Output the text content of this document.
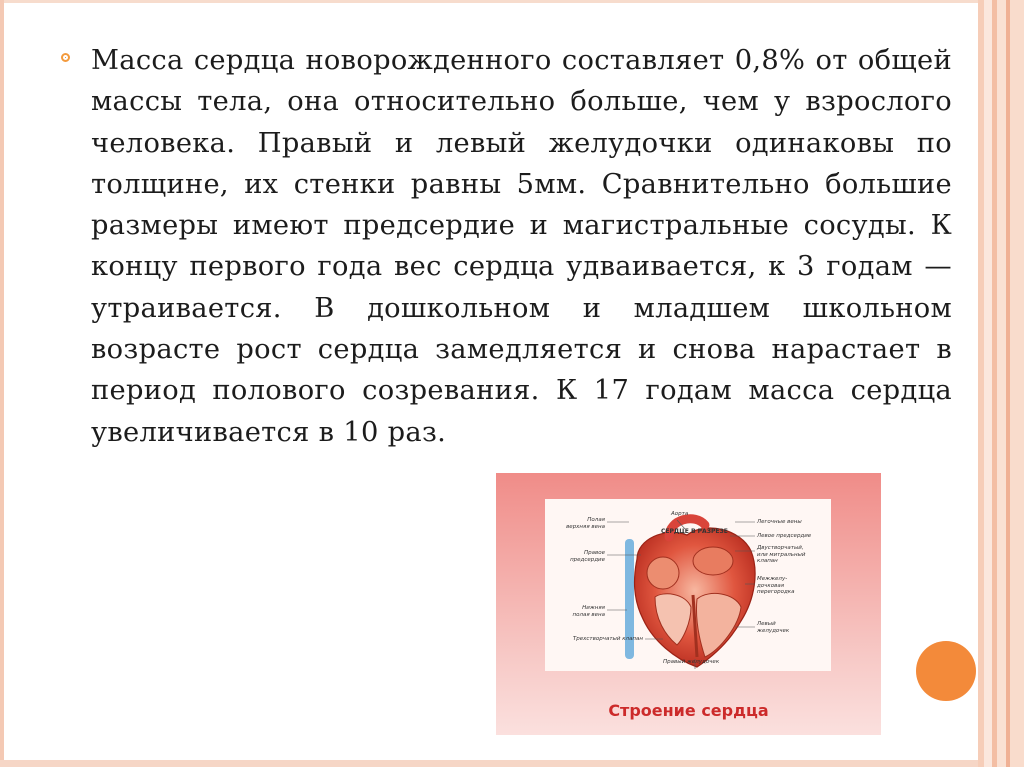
Масса сердца новорожденного составляет 0,8% от общей массы тела, она относительно больше, чем у взрослого человека. Правый и левый желудочки одинаковы по толщине, их стенки равны 5мм. Сравнительно большие размеры имеют предсердие и магистральные сосуды. К концу первого года вес сердца удваивается, к 3 годам — утраивается. В дошкольном и младшем школьном возрасте рост сердца замедляется и снова нарастает в период полового созревания. К 17 годам масса сердца увеличивается в 10 раз.

СЕРДЦЕ В РАЗРЕЗЕ
Аорта
Легочные вены
Полая
верхняя вена
Левое предсердие
Правое
предсердие
Двустворчатый,
или митральный
клапан
Межжелу-
дочковая
перегородка
Нижняя
полая вена
Левый
желудочек
Трехстворчатый клапан
Правый желудочек
Строение сердца
